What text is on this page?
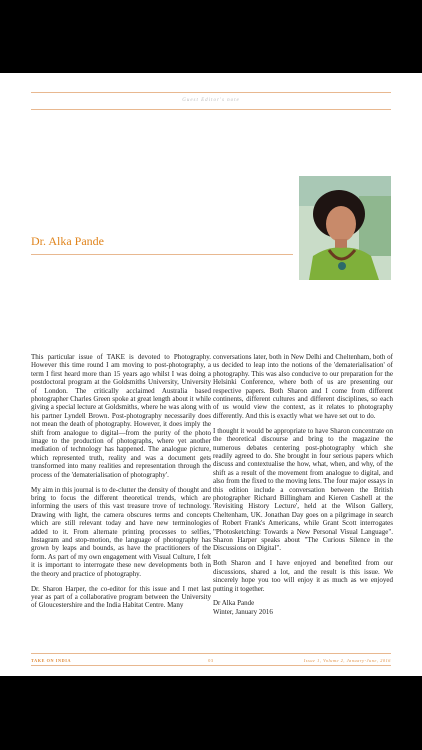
Guest Editor's note
Dr. Alka Pande

This particular issue of TAKE is devoted to Photography. However this time round I am moving to post-photography, a term I first heard more than 15 years ago whilst I was doing a postdoctoral program at the Goldsmiths University, University of London. The critically acclaimed Australia based photographer Charles Green spoke at great length about it while giving a special lecture at Goldsmiths, where he was along with his partner Lyndell Brown. Post-photography necessarily does not mean the death of photography. However, it does imply the shift from analogue to digital—from the purity of the photo image to the production of photographs, where yet another mediation of technology has happened. The analogue picture, which represented truth, reality and was a document gets transformed into many realities and representation through the process of the 'dematerialisation of photography'.

My aim in this journal is to de-clutter the density of thought and bring to focus the different theoretical trends, which are informing the users of this vast treasure trove of technology. Drawing with light, the camera obscures terms and concepts which are still relevant today and have new terminologies added to it. From alternate printing processes to selfies, Instagram and stop-motion, the language of photography has grown by leaps and bounds, as have the practitioners of the form. As part of my own engagement with Visual Culture, I felt it is important to interrogate these new developments both in the theory and practice of photography.

Dr. Sharon Harper, the co-editor for this issue and I met last year as part of a collaborative program between the University of Gloucestershire and the India Habitat Centre. Many

conversations later, both in New Delhi and Cheltenham, both of us decided to leap into the notions of the 'dematerialisation' of photography. This was also conducive to our preparation for the Helsinki Conference, where both of us are presenting our respective papers. Both Sharon and I come from different continents, different cultures and different disciplines, so each of us would view the context, as it relates to photography differently. And this is exactly what we have set out to do.

I thought it would be appropriate to have Sharon concentrate on the theoretical discourse and bring to the magazine the numerous debates centering post-photography which she readily agreed to do. She brought in four serious papers which discuss and contextualise the how, what, when, and why, of the shift as a result of the movement from analogue to digital, and also from the fixed to the moving lens. The four major essays in this edition include a conversation between the British photographer Richard Billingham and Kieren Cashell at the 'Revisiting History Lecture', held at the Wilson Gallery, Cheltenham, UK. Jonathan Day goes on a pilgrimage in search of Robert Frank's Americans, while Grant Scott interrogates "Photosketching: Towards a New Personal Visual Language". Sharon Harper speaks about "The Curious Silence in the Discussions on Digital".

Both Sharon and I have enjoyed and benefited from our discussions, shared a lot, and the result is this issue. We sincerely hope you too will enjoy it as much as we enjoyed putting it together.

Dr Alka Pande
Winter, January 2016
TAKE ON INDIA	03	Issue 1, Volume 2, January-June, 2016
